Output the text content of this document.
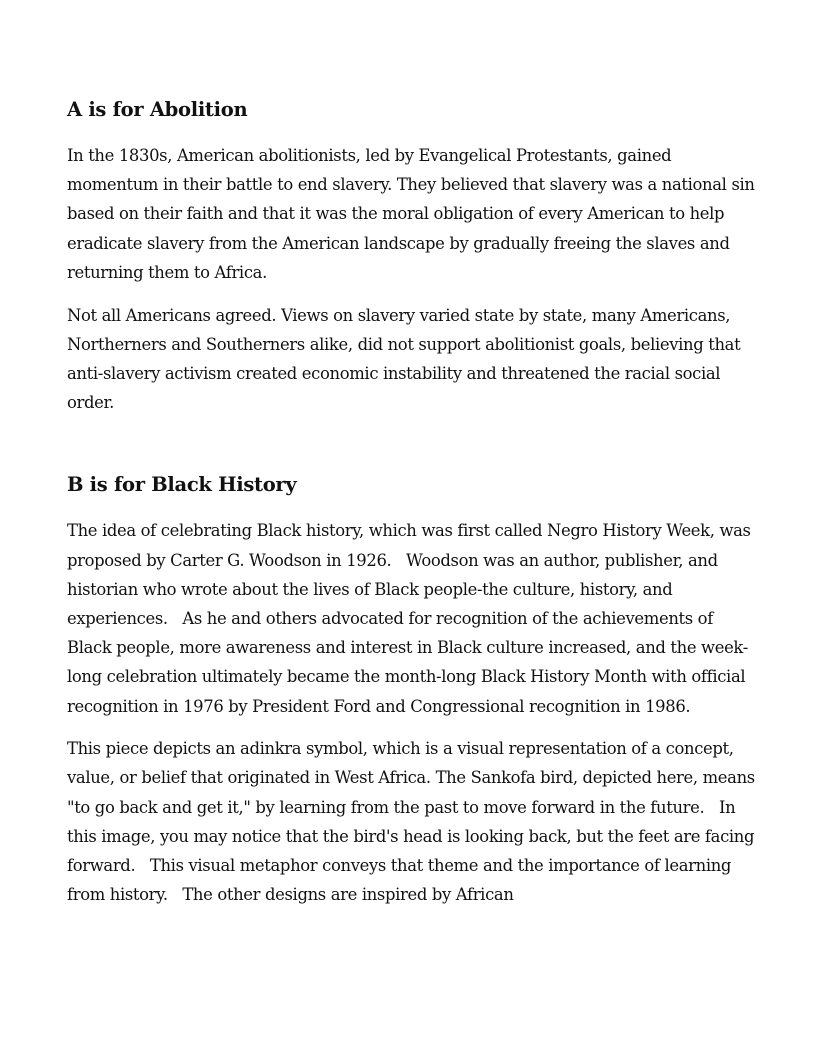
A is for Abolition

In the 1830s, American abolitionists, led by Evangelical Protestants, gained momentum in their battle to end slavery. They believed that slavery was a national sin based on their faith and that it was the moral obligation of every American to help eradicate slavery from the American landscape by gradually freeing the slaves and returning them to Africa.

Not all Americans agreed. Views on slavery varied state by state, many Americans, Northerners and Southerners alike, did not support abolitionist goals, believing that anti-slavery activism created economic instability and threatened the racial social order.

B is for Black History

The idea of celebrating Black history, which was first called Negro History Week, was proposed by Carter G. Woodson in 1926.   Woodson was an author, publisher, and historian who wrote about the lives of Black people-the culture, history, and experiences.   As he and others advocated for recognition of the achievements of Black people, more awareness and interest in Black culture increased, and the week-long celebration ultimately became the month-long Black History Month with official recognition in 1976 by President Ford and Congressional recognition in 1986.

This piece depicts an adinkra symbol, which is a visual representation of a concept, value, or belief that originated in West Africa. The Sankofa bird, depicted here, means "to go back and get it," by learning from the past to move forward in the future.   In this image, you may notice that the bird's head is looking back, but the feet are facing forward.   This visual metaphor conveys that theme and the importance of learning from history.   The other designs are inspired by African
